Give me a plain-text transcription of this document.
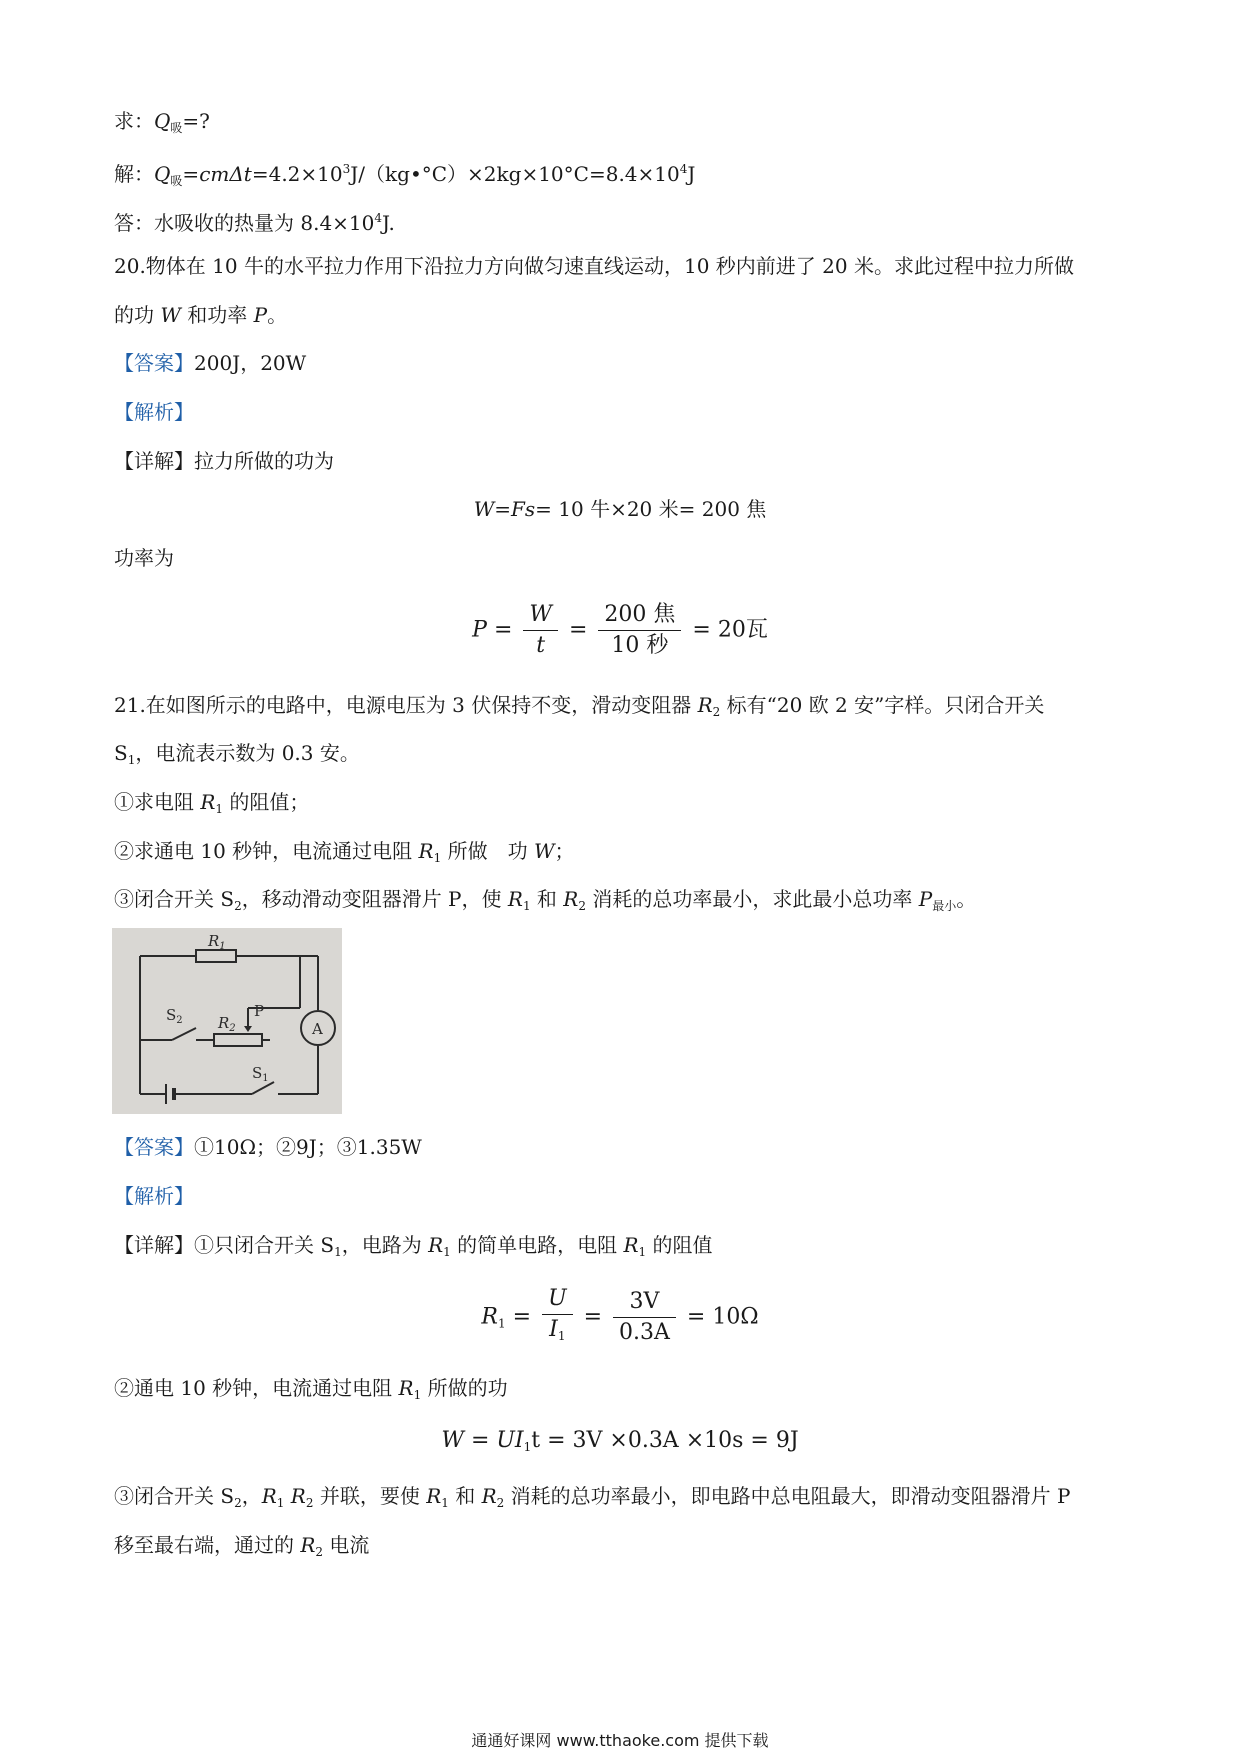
求：$Q_吸=$?
解：$Q_吸=cm\Delta t=4.2\times 10^3J/(kg•^\circ C)\times 2kg\times 10^\circ C=8.4\times 10^4J$
答：水吸收的热量为 $8.4\times 10^4J$.
20.物体在 10 牛的水平拉力作用下沿拉力方向做匀速直线运动，10 秒内前进了 20 米。求此过程中拉力所做
的功 W 和功率 P。
【答案】200J，20W
【解析】
【详解】拉力所做的功为
W=Fs= 10 牛×20 米= 200 焦
功率为
$P = \frac{W}{t} = \frac{\text{200 焦}}{\text{10 秒}} = 20$瓦
21.在如图所示的电路中，电源电压为 3 伏保持不变，滑动变阻器 $R_2$ 标有“20 欧 2 安”字样。只闭合开关
$S_1$，电流表示数为 0.3 安。
①求电阻 $R_1$ 的阻值；
②求通电 10 秒钟，电流通过电阻 $R_1$ 所做　功 W；
③闭合开关 $S_2$，移动滑动变阻器滑片 P，使 $R_1$ 和 $R_2$ 消耗的总功率最小，求此最小总功率 $P_{最小}$。
$R_1$
$R_2$
P
$S_2$
$S_1$
A
【答案】①10Ω；②9J；③1.35W
【解析】
【详解】①只闭合开关 $S_1$，电路为 $R_1$ 的简单电路，电阻 $R_1$ 的阻值
$R_1 = \frac{U}{I_1} = \frac{3V}{0.3A} = 10\Omega$
②通电 10 秒钟，电流通过电阻 $R_1$ 所做的功
$W = UI_1t = 3V \times 0.3A \times 10s = 9J$
③闭合开关 $S_2$，$R_1$ $R_2$ 并联，要使 $R_1$ 和 $R_2$ 消耗的总功率最小，即电路中总电阻最大，即滑动变阻器滑片 P
移至最右端，通过的 $R_2$ 电流
通通好课网 www.tthaoke.com 提供下载
